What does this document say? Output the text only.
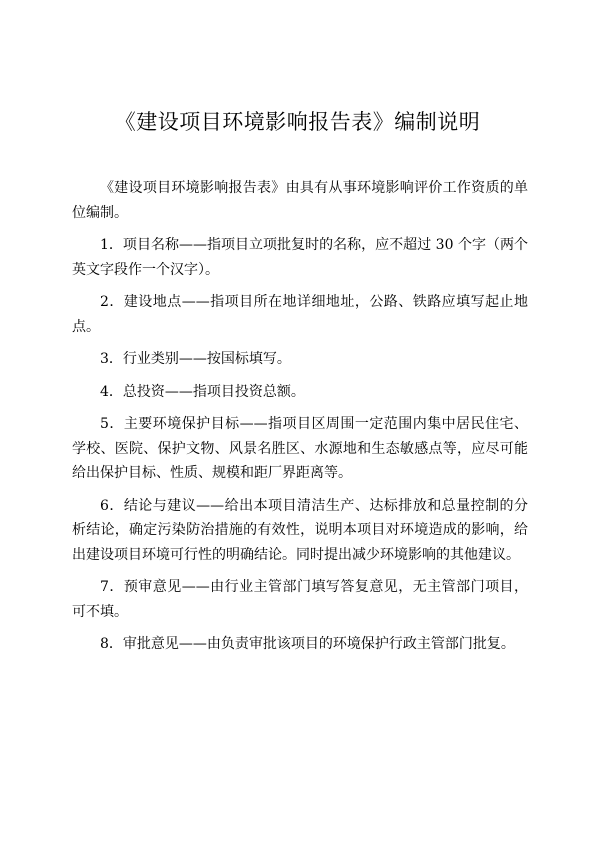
《建设项目环境影响报告表》编制说明

《建设项目环境影响报告表》由具有从事环境影响评价工作资质的单位编制。

1．项目名称——指项目立项批复时的名称，应不超过 30 个字（两个英文字段作一个汉字）。

2．建设地点——指项目所在地详细地址，公路、铁路应填写起止地点。

3．行业类别——按国标填写。

4．总投资——指项目投资总额。

5．主要环境保护目标——指项目区周围一定范围内集中居民住宅、学校、医院、保护文物、风景名胜区、水源地和生态敏感点等，应尽可能给出保护目标、性质、规模和距厂界距离等。

6．结论与建议——给出本项目清洁生产、达标排放和总量控制的分析结论，确定污染防治措施的有效性，说明本项目对环境造成的影响，给出建设项目环境可行性的明确结论。同时提出减少环境影响的其他建议。

7．预审意见——由行业主管部门填写答复意见，无主管部门项目，可不填。

8．审批意见——由负责审批该项目的环境保护行政主管部门批复。
